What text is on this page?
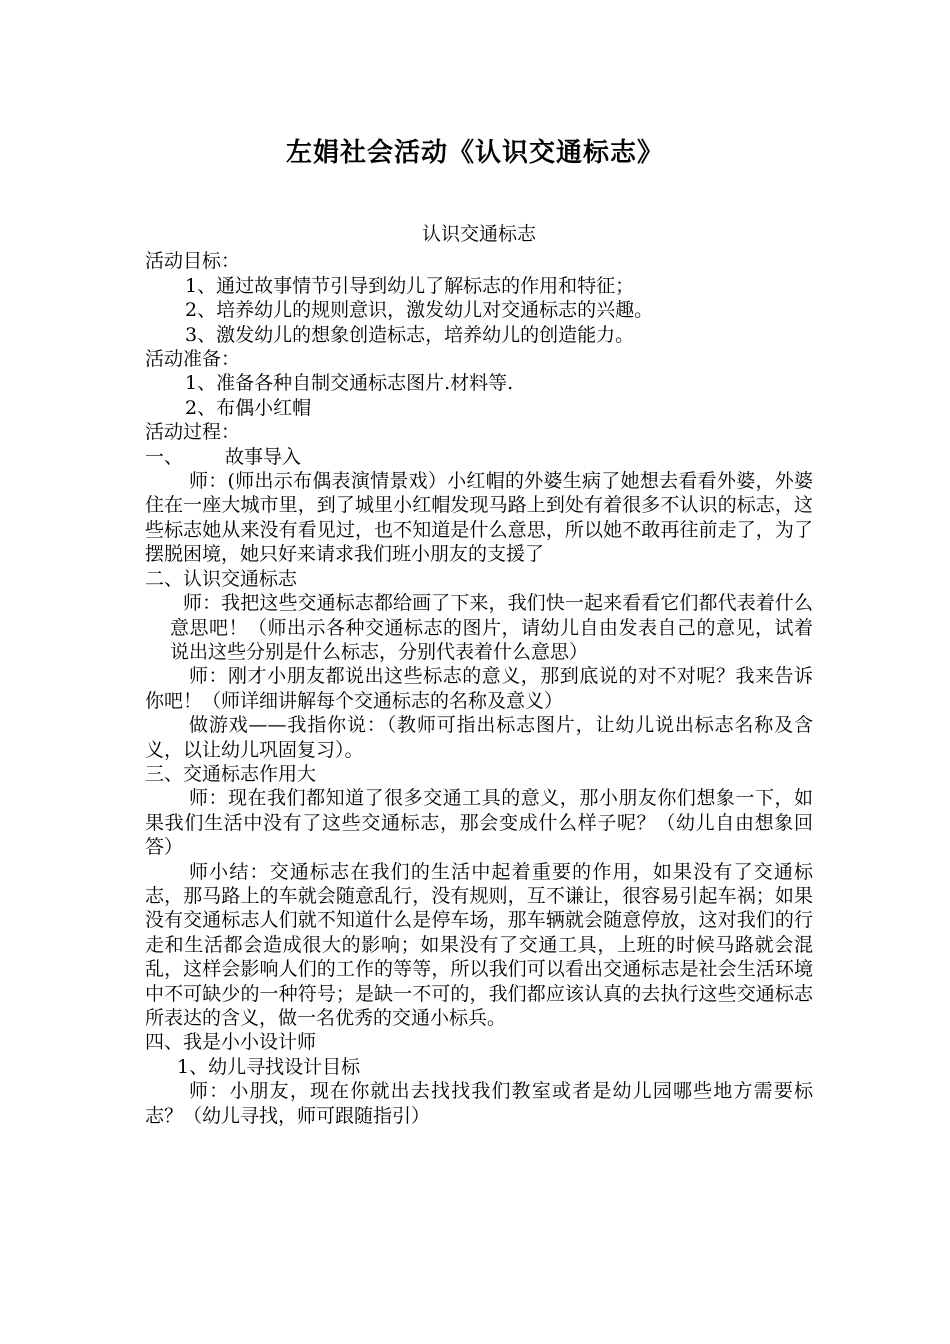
左娟社会活动《认识交通标志》

认识交通标志

活动目标：

1、通过故事情节引导到幼儿了解标志的作用和特征；

2、培养幼儿的规则意识，激发幼儿对交通标志的兴趣。

3、激发幼儿的想象创造标志，培养幼儿的创造能力。

活动准备：

1、准备各种自制交通标志图片.材料等.

2、布偶小红帽

活动过程：

一、 故事导入

师：(师出示布偶表演情景戏）小红帽的外婆生病了她想去看看外婆，外婆住在一座大城市里，到了城里小红帽发现马路上到处有着很多不认识的标志，这些标志她从来没有看见过，也不知道是什么意思，所以她不敢再往前走了，为了摆脱困境，她只好来请求我们班小朋友的支援了

二、认识交通标志

师：我把这些交通标志都给画了下来，我们快一起来看看它们都代表着什么意思吧！（师出示各种交通标志的图片，请幼儿自由发表自己的意见，试着说出这些分别是什么标志，分别代表着什么意思）

师：刚才小朋友都说出这些标志的意义，那到底说的对不对呢？我来告诉你吧！（师详细讲解每个交通标志的名称及意义）

做游戏——我指你说：（教师可指出标志图片，让幼儿说出标志名称及含义，以让幼儿巩固复习）。

三、交通标志作用大

师：现在我们都知道了很多交通工具的意义，那小朋友你们想象一下，如果我们生活中没有了这些交通标志，那会变成什么样子呢？（幼儿自由想象回答）

师小结：交通标志在我们的生活中起着重要的作用，如果没有了交通标志，那马路上的车就会随意乱行，没有规则，互不谦让，很容易引起车祸；如果没有交通标志人们就不知道什么是停车场，那车辆就会随意停放，这对我们的行走和生活都会造成很大的影响；如果没有了交通工具，上班的时候马路就会混乱，这样会影响人们的工作的等等，所以我们可以看出交通标志是社会生活环境中不可缺少的一种符号；是缺一不可的，我们都应该认真的去执行这些交通标志所表达的含义，做一名优秀的交通小标兵。

四、我是小小设计师

1、幼儿寻找设计目标

师：小朋友，现在你就出去找找我们教室或者是幼儿园哪些地方需要标志？（幼儿寻找，师可跟随指引）
